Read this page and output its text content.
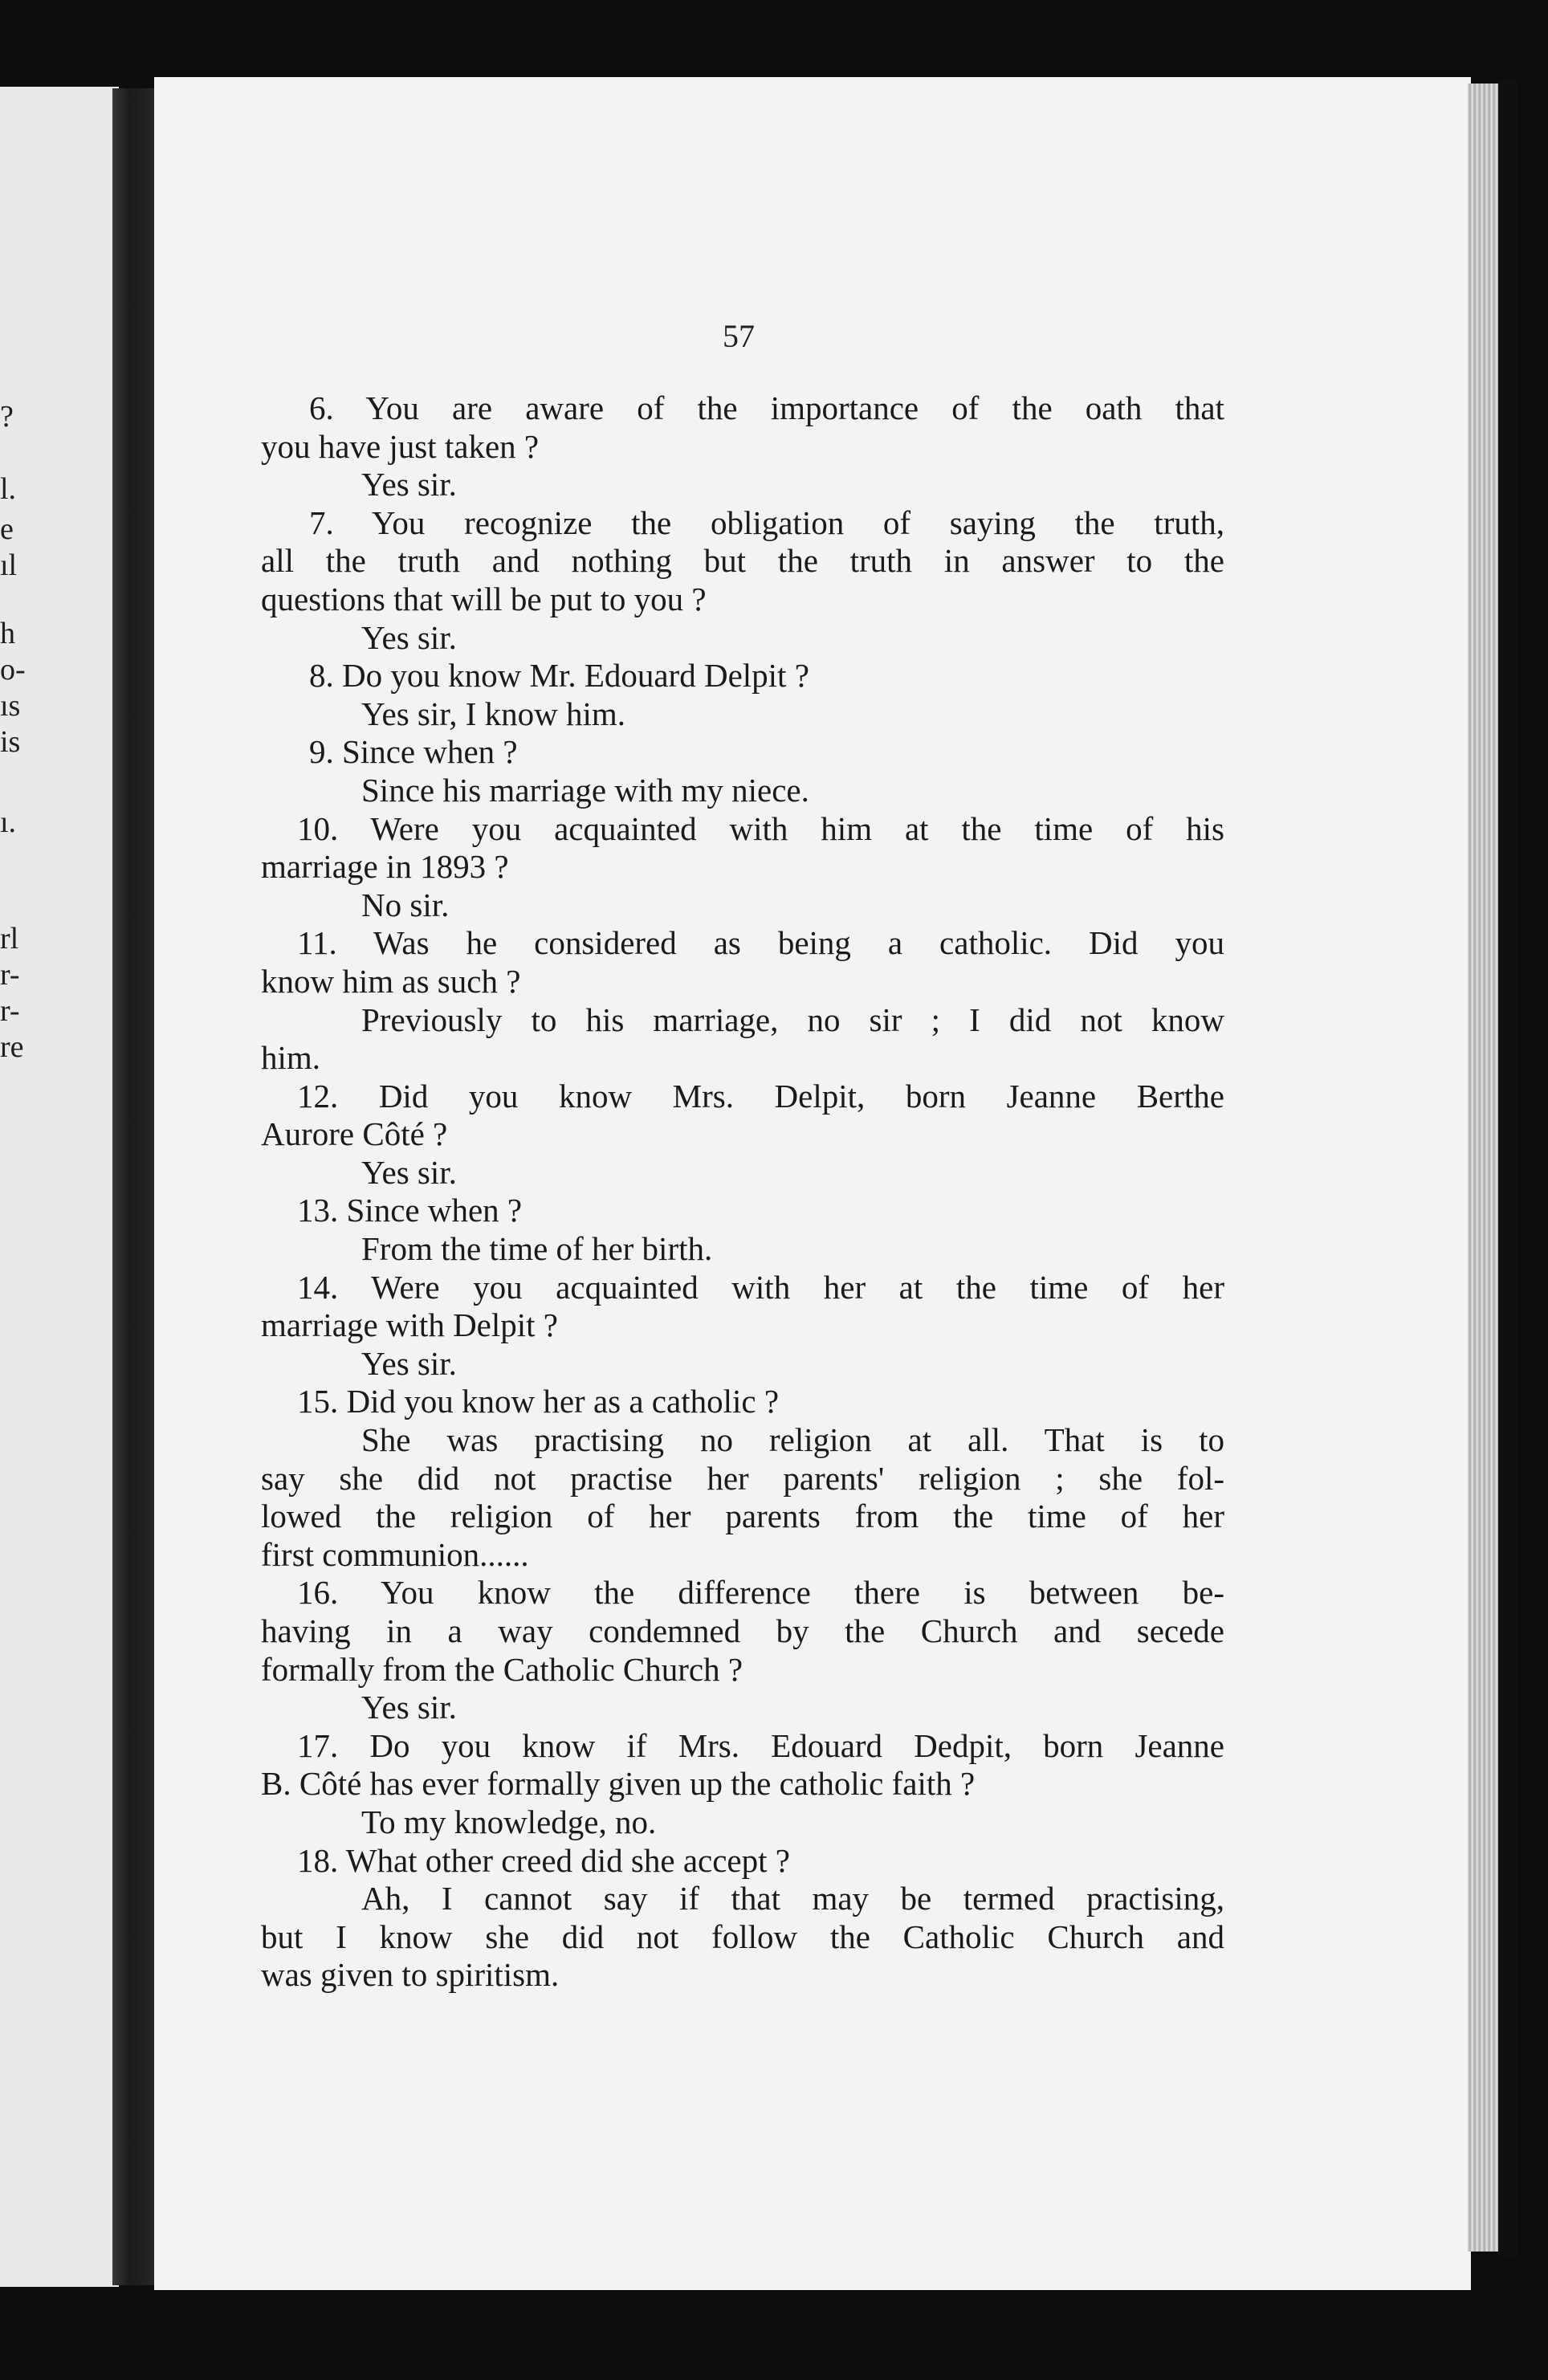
?
l.
e
ıl
h
o-
ıs
is
ı.
rl
r-
r-
re
57
6. You are aware of the importance of the oath that
you have just taken ?
Yes sir.
7. You recognize the obligation of saying the truth,
all the truth and nothing but the truth in answer to the
questions that will be put to you ?
Yes sir.
8. Do you know Mr. Edouard Delpit ?
Yes sir, I know him.
9. Since when ?
Since his marriage with my niece.
10. Were you acquainted with him at the time of his
marriage in 1893 ?
No sir.
11. Was he considered as being a catholic. Did you
know him as such ?
Previously to his marriage, no sir ; I did not know
him.
12. Did you know Mrs. Delpit, born Jeanne Berthe
Aurore Côté ?
Yes sir.
13. Since when ?
From the time of her birth.
14. Were you acquainted with her at the time of her
marriage with Delpit ?
Yes sir.
15. Did you know her as a catholic ?
She was practising no religion at all. That is to
say she did not practise her parents' religion ; she fol-
lowed the religion of her parents from the time of her
first communion......
16. You know the difference there is between be-
having in a way condemned by the Church and secede
formally from the Catholic Church ?
Yes sir.
17. Do you know if Mrs. Edouard Dedpit, born Jeanne
B. Côté has ever formally given up the catholic faith ?
To my knowledge, no.
18. What other creed did she accept ?
Ah, I cannot say if that may be termed practising,
but I know she did not follow the Catholic Church and
was given to spiritism.
